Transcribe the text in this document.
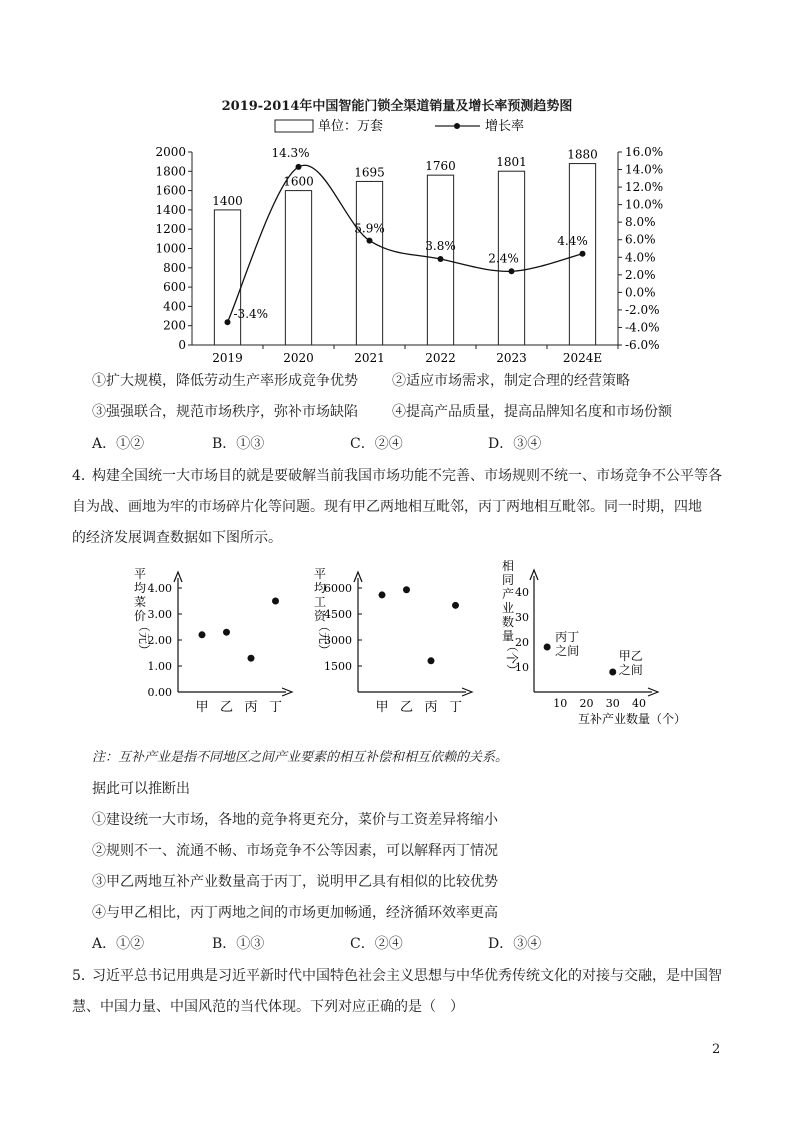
2019-2014年中国智能门锁全渠道销量及增长率预测趋势图
单位：万套	增长率
2000
1800
1600
1400
1200
1000
800
600
400
200
0
16.0%
14.0%
12.0%
10.0%
8.0%
6.0%
4.0%
2.0%
0.0%
-2.0%
-4.0%
-6.0%
1400
2019
1600
2020
1695
2021
1760
2022
1801
2023
1880
2024E
-3.4%
14.3%
5.9%
3.8%
2.4%
4.4%
①扩大规模，降低劳动生产率形成竞争优势 ②适应市场需求，制定合理的经营策略
③强强联合，规范市场秩序，弥补市场缺陷 ④提高产品质量，提高品牌知名度和市场份额
A．①②	B．①③	C．②④	D．③④
4．
构建全国统一大市场目的就是要破解当前我国市场功能不完善、市场规则不统一、市场竞争不公平等各
自为战、画地为牢的市场碎片化等问题。现有甲乙两地相互毗邻，丙丁两地相互毗邻。同一时期，四地
的经济发展调查数据如下图所示。
平
均
菜
价
（元）
4.00
3.00
2.00
1.00
0.00
甲 乙 丙 丁
平
均
工
资
（元）
6000
4500
3000
1500
甲 乙 丙 丁
相
同
产
业
数
量
（个）
40
30
20
10
10 20 30 40
互补产业数量（个）
丙丁
之间	甲乙
之间
注：互补产业是指不同地区之间产业要素的相互补偿和相互依赖的关系。
据此可以推断出
①建设统一大市场，各地的竞争将更充分，菜价与工资差异将缩小
②规则不一、流通不畅、市场竞争不公等因素，可以解释丙丁情况
③甲乙两地互补产业数量高于丙丁，说明甲乙具有相似的比较优势
④与甲乙相比，丙丁两地之间的市场更加畅通，经济循环效率更高
A．①②	B．①③	C．②④	D．③④
5．
习近平总书记用典是习近平新时代中国特色社会主义思想与中华优秀传统文化的对接与交融，是中国智
慧、中国力量、中国风范的当代体现。下列对应正确的是（　）
2
